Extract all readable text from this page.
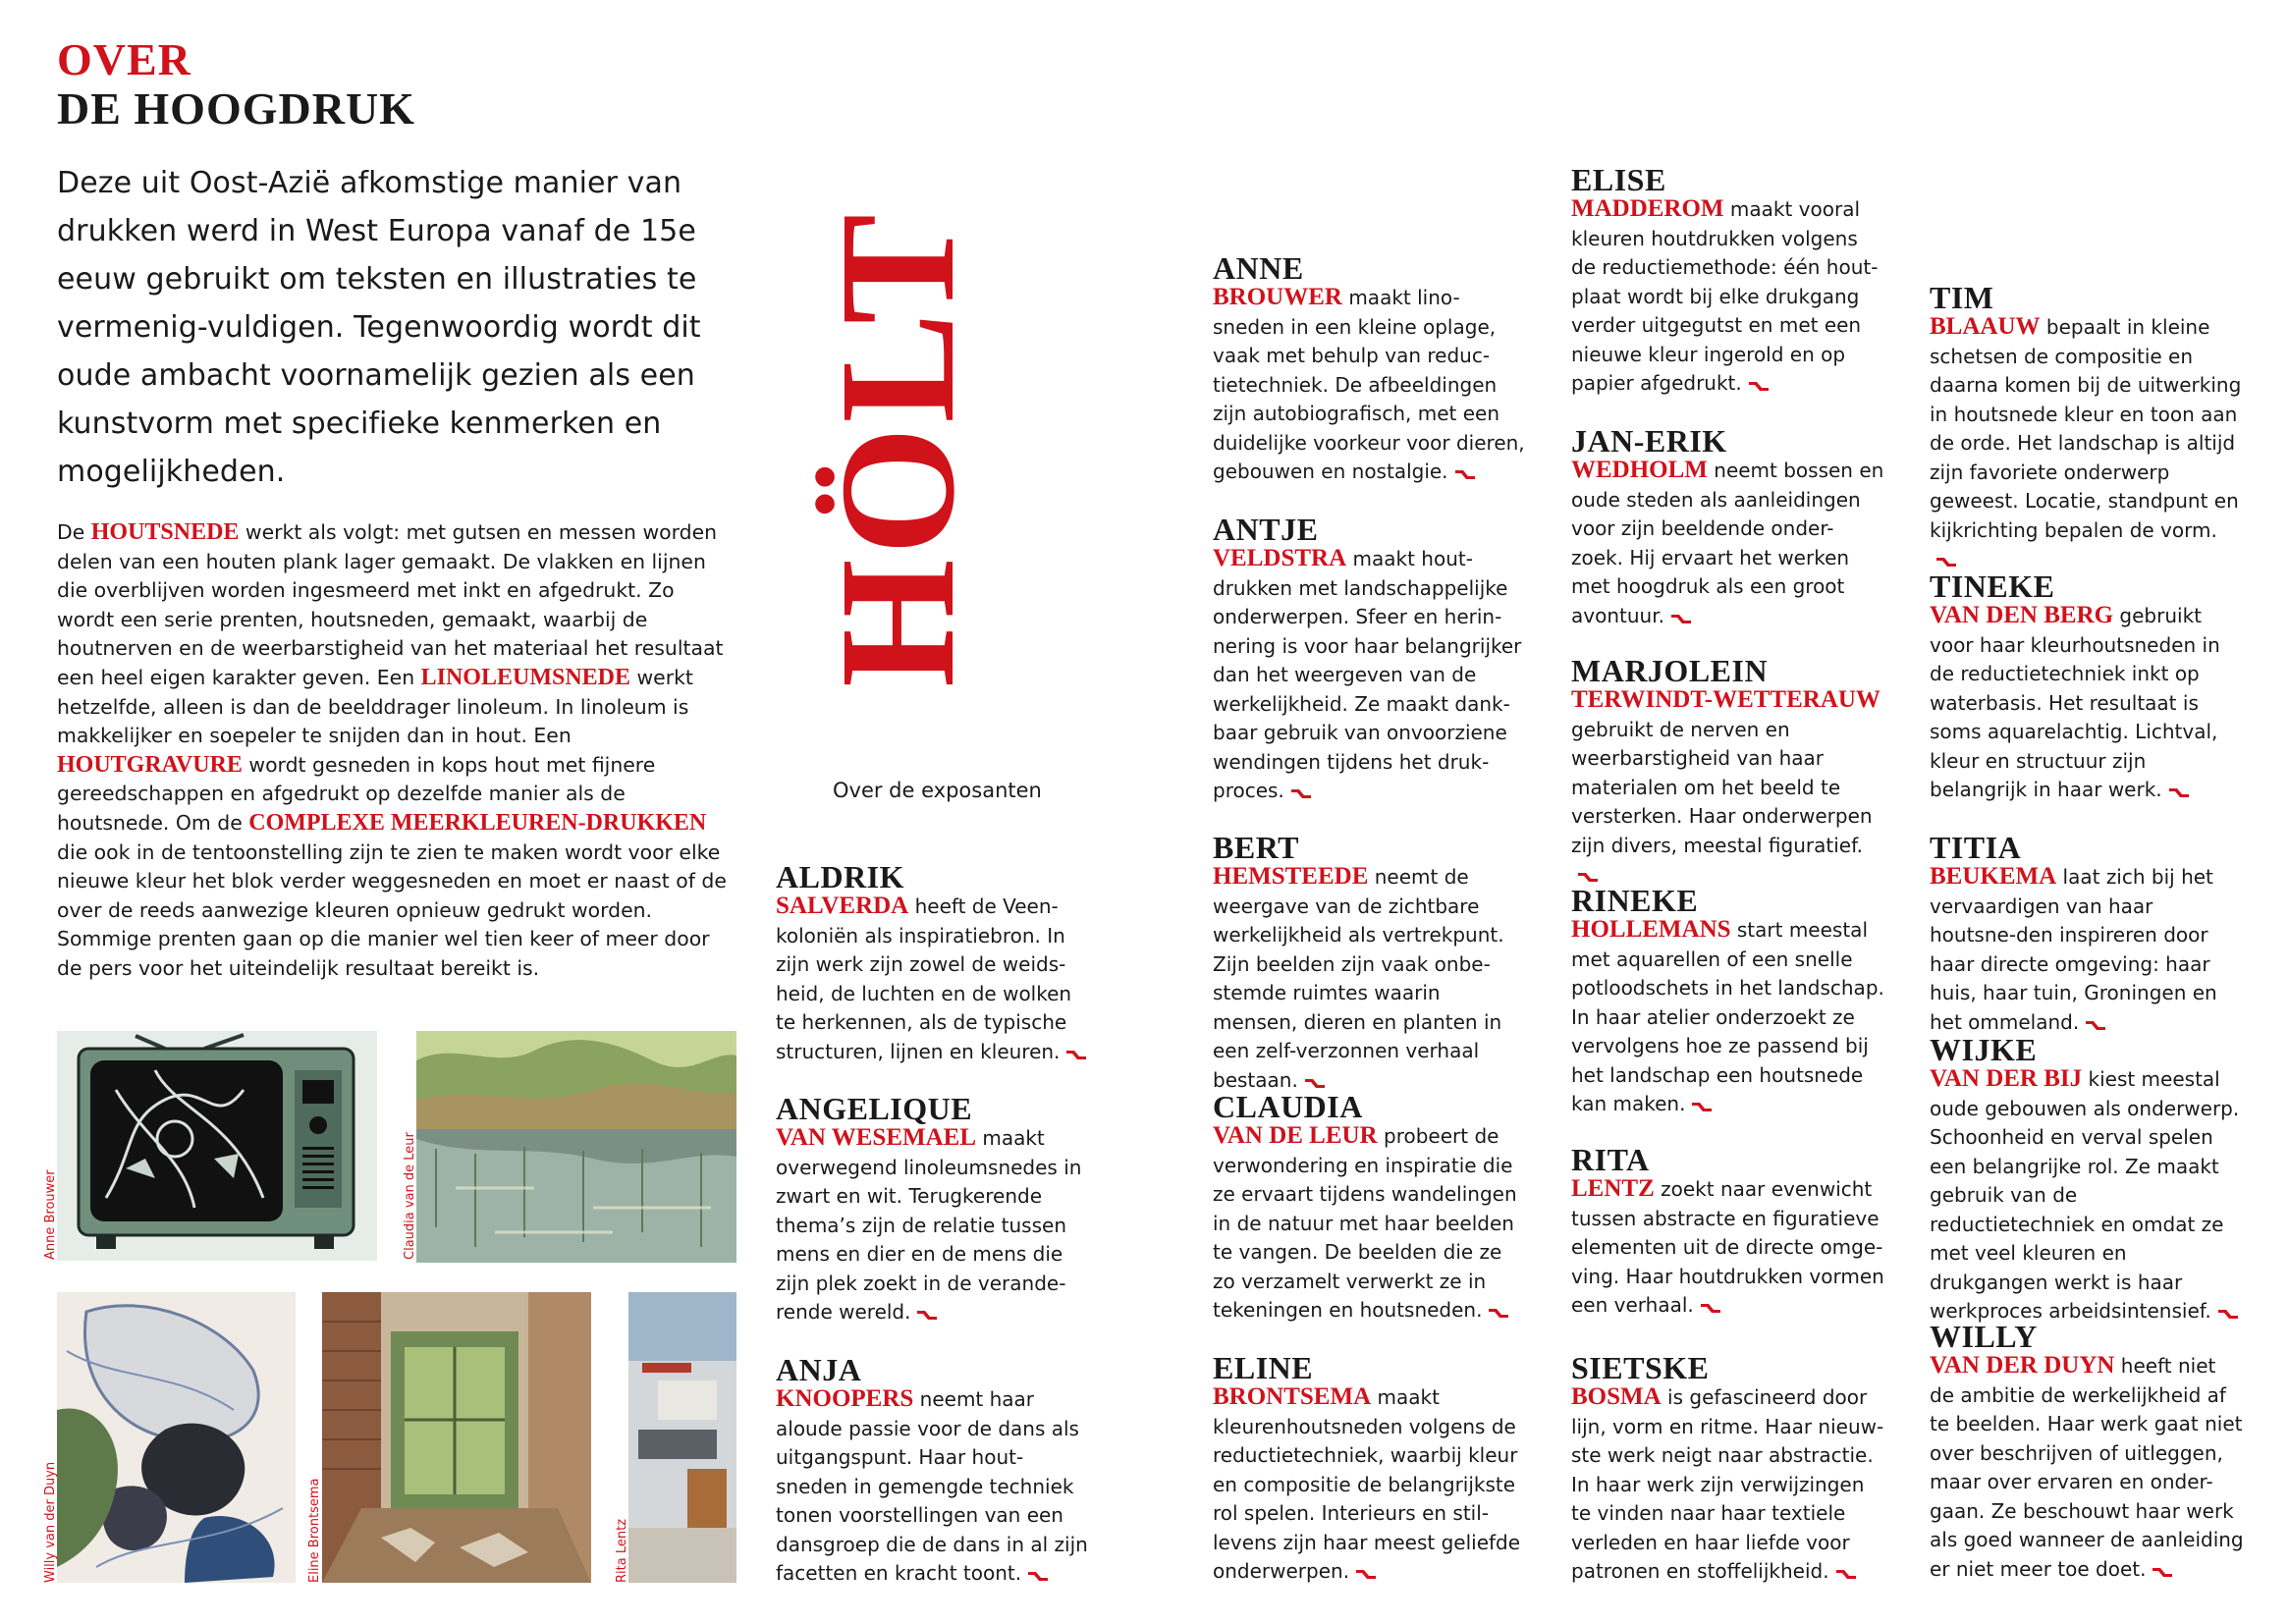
OVER
DE HOOGDRUK

Deze uit Oost-Azië afkomstige manier van drukken werd in West Europa vanaf de 15e eeuw gebruikt om teksten en illustraties te vermenig-vuldigen. Tegenwoordig wordt dit oude ambacht voornamelijk gezien als een kunstvorm met specifieke kenmerken en mogelijkheden.

De HOUTSNEDE werkt als volgt: met gutsen en messen worden delen van een houten plank lager gemaakt. De vlakken en lijnen die overblijven worden ingesmeerd met inkt en afgedrukt. Zo wordt een serie prenten, houtsneden, gemaakt, waarbij de houtnerven en de weerbarstigheid van het materiaal het resultaat een heel eigen karakter geven. Een LINOLEUMSNEDE werkt hetzelfde, alleen is dan de beelddrager linoleum. In linoleum is makkelijker en soepeler te snijden dan in hout. Een HOUTGRAVURE wordt gesneden in kops hout met fijnere gereedschappen en afgedrukt op dezelfde manier als de houtsnede. Om de COMPLEXE MEERKLEUREN-DRUKKEN die ook in de tentoonstelling zijn te zien te maken wordt voor elke nieuwe kleur het blok verder weggesneden en moet er naast of de over de reeds aanwezige kleuren opnieuw gedrukt worden. Sommige prenten gaan op die manier wel tien keer of meer door de pers voor het uiteindelijk resultaat bereikt is.

Anne Brouwer	Claudia van de Leur
Willy van der Duyn	Eline Brontsema	Rita Lentz
HÖLT

Over de exposanten

ALDRIK

SALVERDA heeft de Veen-koloniën als inspiratiebron. In zijn werk zijn zowel de weids-heid, de luchten en de wolken te herkennen, als de typische structuren, lijnen en kleuren.

ANGELIQUE

VAN WESEMAEL maakt overwegend linoleumsnedes in zwart en wit. Terugkerende thema’s zijn de relatie tussen mens en dier en de mens die zijn plek zoekt in de verande-rende wereld.

ANJA

KNOOPERS neemt haar aloude passie voor de dans als uitgangspunt. Haar hout-sneden in gemengde techniek tonen voorstellingen van een dansgroep die de dans in al zijn facetten en kracht toont.

ANNE

BROUWER maakt lino-sneden in een kleine oplage, vaak met behulp van reduc-tietechniek. De afbeeldingen zijn autobiografisch, met een duidelijke voorkeur voor dieren, gebouwen en nostalgie.

ANTJE

VELDSTRA maakt hout-drukken met landschappelijke onderwerpen. Sfeer en herin-nering is voor haar belangrijker dan het weergeven van de werkelijkheid. Ze maakt dank-baar gebruik van onvoorziene wendingen tijdens het druk-proces.

BERT

HEMSTEEDE neemt de weergave van de zichtbare werkelijkheid als vertrekpunt. Zijn beelden zijn vaak onbe-stemde ruimtes waarin mensen, dieren en planten in een zelf-verzonnen verhaal bestaan.

CLAUDIA

VAN DE LEUR probeert de verwondering en inspiratie die ze ervaart tijdens wandelingen in de natuur met haar beelden te vangen. De beelden die ze zo verzamelt verwerkt ze in tekeningen en houtsneden.

ELINE

BRONTSEMA maakt kleurenhoutsneden volgens de reductietechniek, waarbij kleur en compositie de belangrijkste rol spelen. Interieurs en stil-levens zijn haar meest geliefde onderwerpen.

ELISE

MADDEROM maakt vooral kleuren houtdrukken volgens de reductiemethode: één hout-plaat wordt bij elke drukgang verder uitgegutst en met een nieuwe kleur ingerold en op papier afgedrukt.

JAN-ERIK

WEDHOLM neemt bossen en oude steden als aanleidingen voor zijn beeldende onder-zoek. Hij ervaart het werken met hoogdruk als een groot avontuur.

MARJOLEIN

TERWINDT-WETTERAUW gebruikt de nerven en weerbarstigheid van haar materialen om het beeld te versterken. Haar onderwerpen zijn divers, meestal figuratief.

RINEKE

HOLLEMANS start meestal met aquarellen of een snelle potloodschets in het landschap. In haar atelier onderzoekt ze vervolgens hoe ze passend bij het landschap een houtsnede kan maken.

RITA

LENTZ zoekt naar evenwicht tussen abstracte en figuratieve elementen uit de directe omge-ving. Haar houtdrukken vormen een verhaal.

SIETSKE

BOSMA is gefascineerd door lijn, vorm en ritme. Haar nieuw-ste werk neigt naar abstractie. In haar werk zijn verwijzingen te vinden naar haar textiele verleden en haar liefde voor patronen en stoffelijkheid.

TIM

BLAAUW bepaalt in kleine schetsen de compositie en daarna komen bij de uitwerking in houtsnede kleur en toon aan de orde. Het landschap is altijd zijn favoriete onderwerp geweest. Locatie, standpunt en kijkrichting bepalen de vorm.

TINEKE

VAN DEN BERG gebruikt voor haar kleurhoutsneden in de reductietechniek inkt op waterbasis. Het resultaat is soms aquarelachtig. Lichtval, kleur en structuur zijn belangrijk in haar werk.

TITIA

BEUKEMA laat zich bij het vervaardigen van haar houtsne-den inspireren door haar directe omgeving: haar huis, haar tuin, Groningen en het ommeland.

WIJKE

VAN DER BIJ kiest meestal oude gebouwen als onderwerp. Schoonheid en verval spelen een belangrijke rol. Ze maakt gebruik van de reductietechniek en omdat ze met veel kleuren en drukgangen werkt is haar werkproces arbeidsintensief.

WILLY

VAN DER DUYN heeft niet de ambitie de werkelijkheid af te beelden. Haar werk gaat niet over beschrijven of uitleggen, maar over ervaren en onder-gaan. Ze beschouwt haar werk als goed wanneer de aanleiding er niet meer toe doet.
